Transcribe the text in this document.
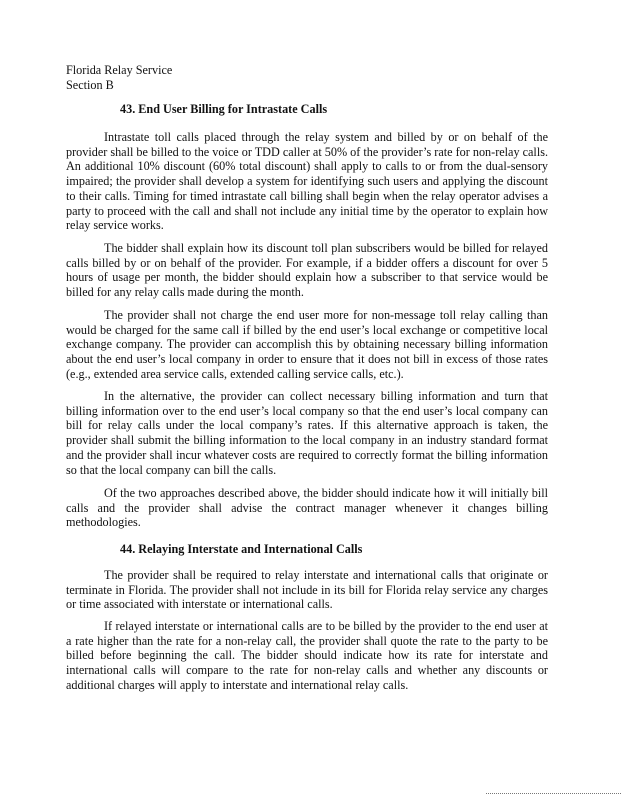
Florida Relay Service
Section B
43. End User Billing for Intrastate Calls

Intrastate toll calls placed through the relay system and billed by or on behalf of the provider shall be billed to the voice or TDD caller at 50% of the provider’s rate for non-relay calls. An additional 10% discount (60% total discount) shall apply to calls to or from the dual-sensory impaired; the provider shall develop a system for identifying such users and applying the discount to their calls. Timing for timed intrastate call billing shall begin when the relay operator advises a party to proceed with the call and shall not include any initial time by the operator to explain how relay service works.

The bidder shall explain how its discount toll plan subscribers would be billed for relayed calls billed by or on behalf of the provider. For example, if a bidder offers a discount for over 5 hours of usage per month, the bidder should explain how a subscriber to that service would be billed for any relay calls made during the month.

The provider shall not charge the end user more for non-message toll relay calling than would be charged for the same call if billed by the end user’s local exchange or competitive local exchange company. The provider can accomplish this by obtaining necessary billing information about the end user’s local company in order to ensure that it does not bill in excess of those rates (e.g., extended area service calls, extended calling service calls, etc.).

In the alternative, the provider can collect necessary billing information and turn that billing information over to the end user’s local company so that the end user’s local company can bill for relay calls under the local company’s rates. If this alternative approach is taken, the provider shall submit the billing information to the local company in an industry standard format and the provider shall incur whatever costs are required to correctly format the billing information so that the local company can bill the calls.

Of the two approaches described above, the bidder should indicate how it will initially bill calls and the provider shall advise the contract manager whenever it changes billing methodologies.

44. Relaying Interstate and International Calls

The provider shall be required to relay interstate and international calls that originate or terminate in Florida. The provider shall not include in its bill for Florida relay service any charges or time associated with interstate or international calls.

If relayed interstate or international calls are to be billed by the provider to the end user at a rate higher than the rate for a non-relay call, the provider shall quote the rate to the party to be billed before beginning the call. The bidder should indicate how its rate for interstate and international calls will compare to the rate for non-relay calls and whether any discounts or additional charges will apply to interstate and international relay calls.
